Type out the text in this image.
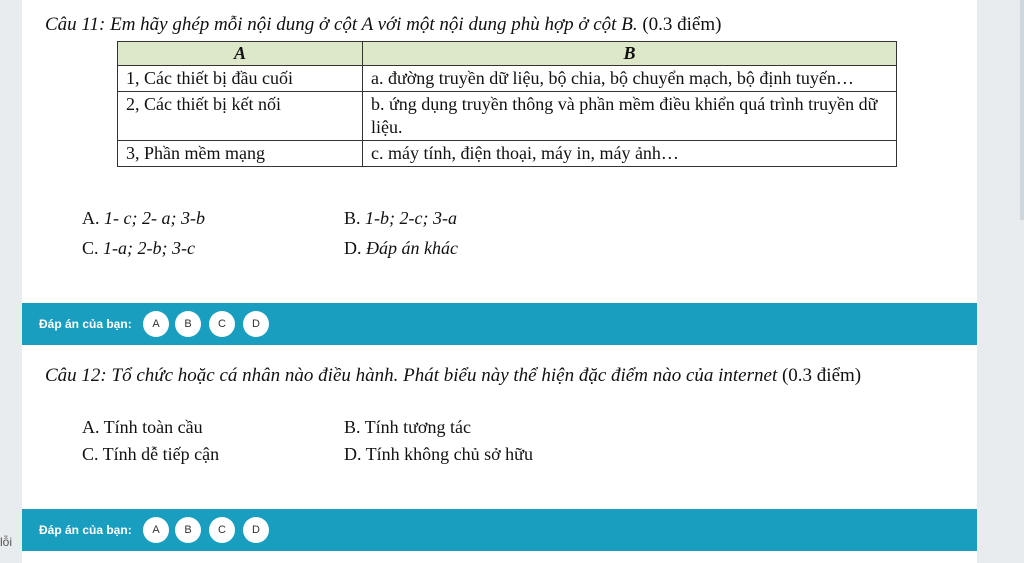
lỗi
Câu 11: Em hãy ghép mỗi nội dung ở cột A với một nội dung phù hợp ở cột B. (0.3 điểm)
A	B
1, Các thiết bị đầu cuối	a. đường truyền dữ liệu, bộ chia, bộ chuyển mạch, bộ định tuyến…
2, Các thiết bị kết nối	b. ứng dụng truyền thông và phần mềm điều khiển quá trình truyền dữ liệu.
3, Phần mềm mạng	c. máy tính, điện thoại, máy in, máy ảnh…
A. 1- c; 2- a; 3-b	B. 1-b; 2-c; 3-a
C. 1-a; 2-b; 3-c	D. Đáp án khác
Đáp án của bạn:	A	B	C	D
Câu 12: Tổ chức hoặc cá nhân nào điều hành. Phát biểu này thể hiện đặc điểm nào của internet (0.3 điểm)
A. Tính toàn cầu	B. Tính tương tác
C. Tính dễ tiếp cận	D. Tính không chủ sở hữu
Đáp án của bạn:	A	B	C	D
